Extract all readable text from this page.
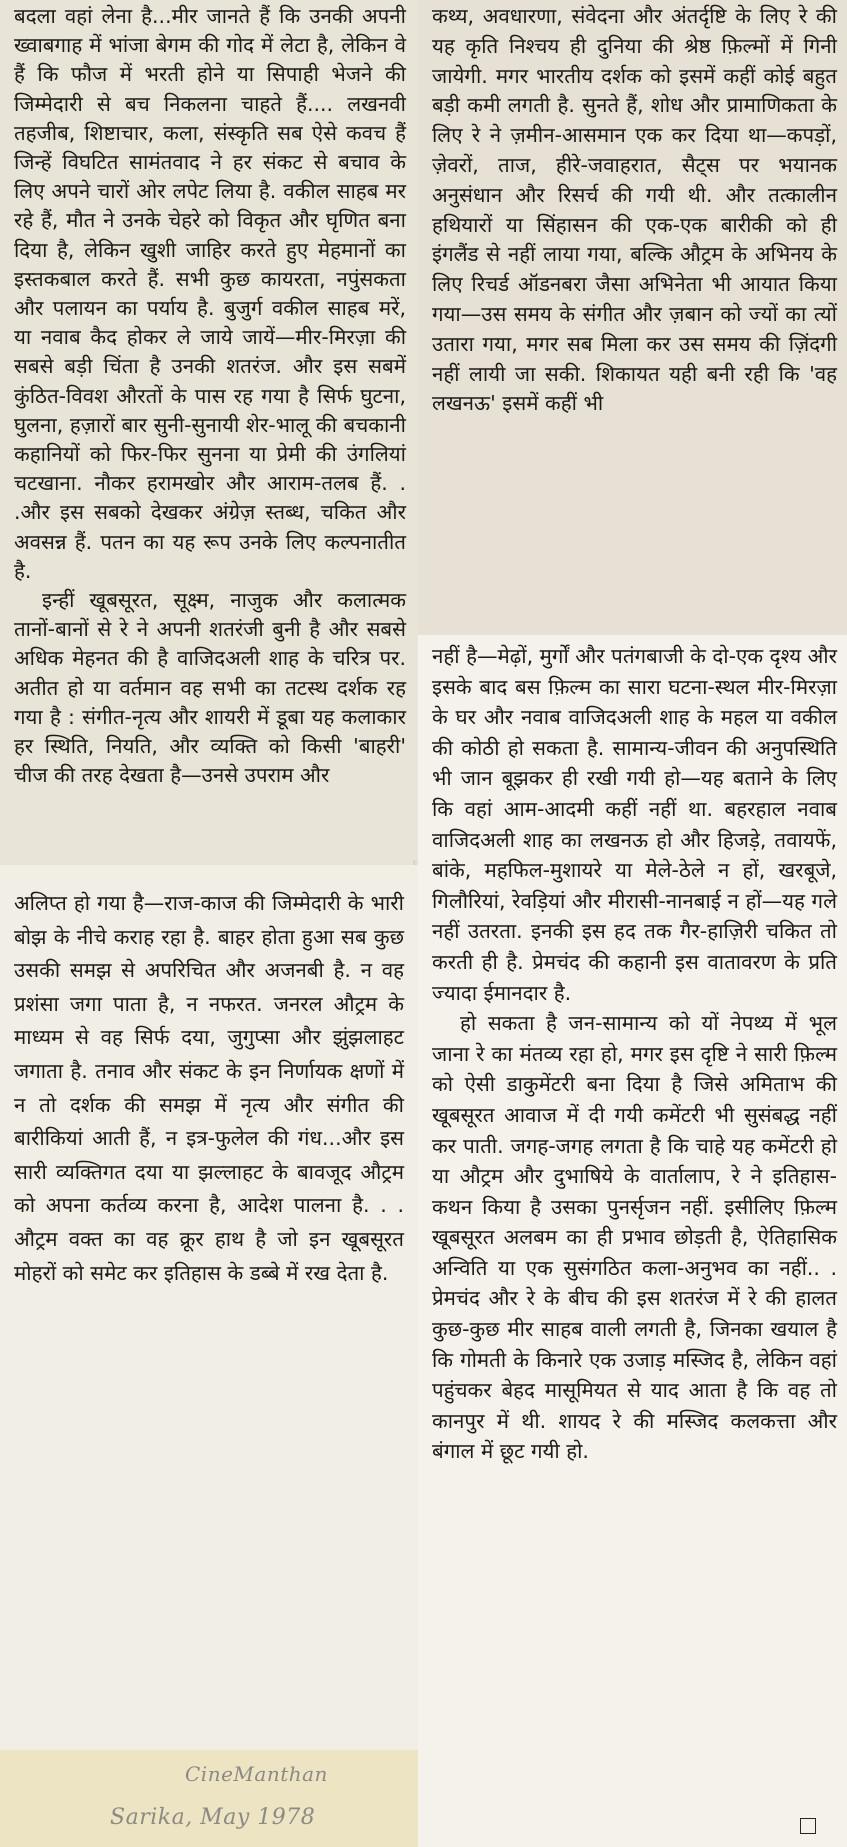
बदला वहां लेना है...मीर जानते हैं कि उनकी अपनी ख्वाबगाह में भांजा बेगम की गोद में लेटा है, लेकिन वे हैं कि फौज में भरती होने या सिपाही भेजने की जिम्मेदारी से बच निकलना चाहते हैं.... लखनवी तहजीब, शिष्टाचार, कला, संस्कृति सब ऐसे कवच हैं जिन्हें विघटित सामंतवाद ने हर संकट से बचाव के लिए अपने चारों ओर लपेट लिया है. वकील साहब मर रहे हैं, मौत ने उनके चेहरे को विकृत और घृणित बना दिया है, लेकिन खुशी जाहिर करते हुए मेहमानों का इस्तकबाल करते हैं. सभी कुछ कायरता, नपुंसकता और पलायन का पर्याय है. बुजुर्ग वकील साहब मरें, या नवाब कैद होकर ले जाये जायें—मीर-मिरज़ा की सबसे बड़ी चिंता है उनकी शतरंज. और इस सबमें कुंठित-विवश औरतों के पास रह गया है सिर्फ घुटना, घुलना, हज़ारों बार सुनी-सुनायी शेर-भालू की बचकानी कहानियों को फिर-फिर सुनना या प्रेमी की उंगलियां चटखाना. नौकर हरामखोर और आराम-तलब हैं. . .और इस सबको देखकर अंग्रेज़ स्तब्ध, चकित और अवसन्न हैं. पतन का यह रूप उनके लिए कल्पनातीत है.

इन्हीं खूबसूरत, सूक्ष्म, नाजुक और कलात्मक तानों-बानों से रे ने अपनी शतरंजी बुनी है और सबसे अधिक मेहनत की है वाजिदअली शाह के चरित्र पर. अतीत हो या वर्तमान वह सभी का तटस्थ दर्शक रह गया है : संगीत-नृत्य और शायरी में डूबा यह कलाकार हर स्थिति, नियति, और व्यक्ति को किसी 'बाहरी' चीज की तरह देखता है—उनसे उपराम और

कथ्य, अवधारणा, संवेदना और अंतर्दृष्टि के लिए रे की यह कृति निश्चय ही दुनिया की श्रेष्ठ फ़िल्मों में गिनी जायेगी. मगर भारतीय दर्शक को इसमें कहीं कोई बहुत बड़ी कमी लगती है. सुनते हैं, शोध और प्रामाणिकता के लिए रे ने ज़मीन-आसमान एक कर दिया था—कपड़ों, ज़ेवरों, ताज, हीरे-जवाहरात, सैट्स पर भयानक अनुसंधान और रिसर्च की गयी थी. और तत्कालीन हथियारों या सिंहासन की एक-एक बारीकी को ही इंगलैंड से नहीं लाया गया, बल्कि औट्रम के अभिनय के लिए रिचर्ड ऑडनबरा जैसा अभिनेता भी आयात किया गया—उस समय के संगीत और ज़बान को ज्यों का त्यों उतारा गया, मगर सब मिला कर उस समय की ज़िंदगी नहीं लायी जा सकी. शिकायत यही बनी रही कि 'वह लखनऊ' इसमें कहीं भी

अलिप्त हो गया है—राज-काज की जिम्मेदारी के भारी बोझ के नीचे कराह रहा है. बाहर होता हुआ सब कुछ उसकी समझ से अपरिचित और अजनबी है. न वह प्रशंसा जगा पाता है, न नफरत. जनरल औट्रम के माध्यम से वह सिर्फ दया, जुगुप्सा और झुंझलाहट जगाता है. तनाव और संकट के इन निर्णायक क्षणों में न तो दर्शक की समझ में नृत्य और संगीत की बारीकियां आती हैं, न इत्र-फुलेल की गंध...और इस सारी व्यक्तिगत दया या झल्लाहट के बावजूद औट्रम को अपना कर्तव्य करना है, आदेश पालना है. . . औट्रम वक्त का वह क्रूर हाथ है जो इन खूबसूरत मोहरों को समेट कर इतिहास के डब्बे में रख देता है.

नहीं है—मेढ़ों, मुर्गों और पतंगबाजी के दो-एक दृश्य और इसके बाद बस फ़िल्म का सारा घटना-स्थल मीर-मिरज़ा के घर और नवाब वाजिदअली शाह के महल या वकील की कोठी हो सकता है. सामान्य-जीवन की अनुपस्थिति भी जान बूझकर ही रखी गयी हो—यह बताने के लिए कि वहां आम-आदमी कहीं नहीं था. बहरहाल नवाब वाजिदअली शाह का लखनऊ हो और हिजड़े, तवायफें, बांके, महफिल-मुशायरे या मेले-ठेले न हों, खरबूजे, गिलौरियां, रेवड़ियां और मीरासी-नानबाई न हों—यह गले नहीं उतरता. इनकी इस हद तक गैर-हाज़िरी चकित तो करती ही है. प्रेमचंद की कहानी इस वातावरण के प्रति ज्यादा ईमानदार है.

हो सकता है जन-सामान्य को यों नेपथ्य में भूल जाना रे का मंतव्य रहा हो, मगर इस दृष्टि ने सारी फ़िल्म को ऐसी डाकुमेंटरी बना दिया है जिसे अमिताभ की खूबसूरत आवाज में दी गयी कमेंटरी भी सुसंबद्ध नहीं कर पाती. जगह-जगह लगता है कि चाहे यह कमेंटरी हो या औट्रम और दुभाषिये के वार्तालाप, रे ने इतिहास-कथन किया है उसका पुनर्सृजन नहीं. इसीलिए फ़िल्म खूबसूरत अलबम का ही प्रभाव छोड़ती है, ऐतिहासिक अन्विति या एक सुसंगठित कला-अनुभव का नहीं.. . प्रेमचंद और रे के बीच की इस शतरंज में रे की हालत कुछ-कुछ मीर साहब वाली लगती है, जिनका खयाल है कि गोमती के किनारे एक उजाड़ मस्जिद है, लेकिन वहां पहुंचकर बेहद मासूमियत से याद आता है कि वह तो कानपुर में थी. शायद रे की मस्जिद कलकत्ता और बंगाल में छूट गयी हो.

CineManthan
Sarika, May 1978
